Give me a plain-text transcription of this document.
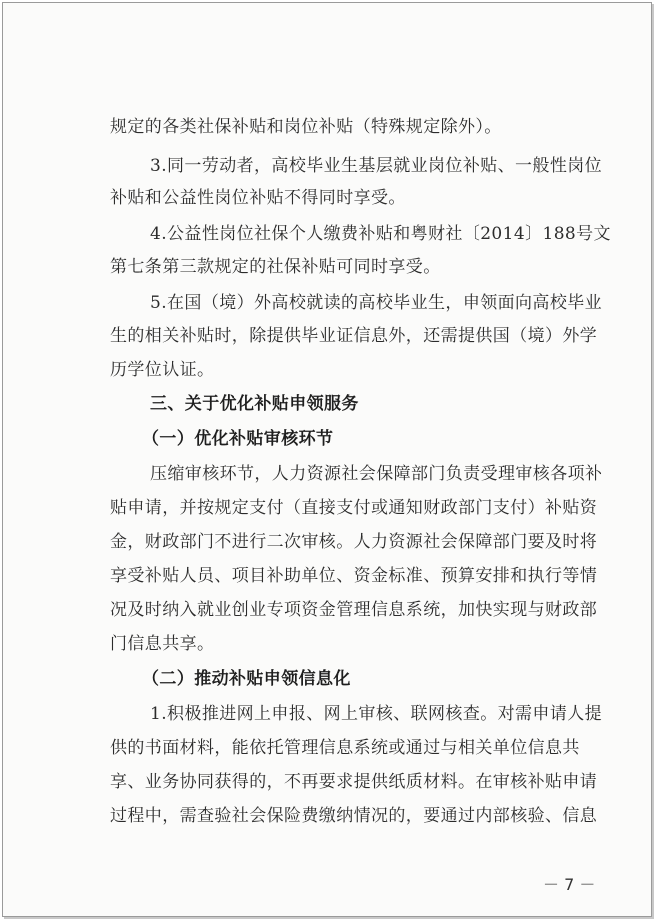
规定的各类社保补贴和岗位补贴（特殊规定除外）。
3.同一劳动者，高校毕业生基层就业岗位补贴、一般性岗位
补贴和公益性岗位补贴不得同时享受。
4.公益性岗位社保个人缴费补贴和粤财社〔2014〕188号文
第七条第三款规定的社保补贴可同时享受。
5.在国（境）外高校就读的高校毕业生，申领面向高校毕业
生的相关补贴时，除提供毕业证信息外，还需提供国（境）外学
历学位认证。
三、关于优化补贴申领服务
（一）优化补贴审核环节
压缩审核环节，人力资源社会保障部门负责受理审核各项补
贴申请，并按规定支付（直接支付或通知财政部门支付）补贴资
金，财政部门不进行二次审核。人力资源社会保障部门要及时将
享受补贴人员、项目补助单位、资金标准、预算安排和执行等情
况及时纳入就业创业专项资金管理信息系统，加快实现与财政部
门信息共享。
（二）推动补贴申领信息化
1.积极推进网上申报、网上审核、联网核查。对需申请人提
供的书面材料，能依托管理信息系统或通过与相关单位信息共
享、业务协同获得的，不再要求提供纸质材料。在审核补贴申请
过程中，需查验社会保险费缴纳情况的，要通过内部核验、信息
－ 7 －
